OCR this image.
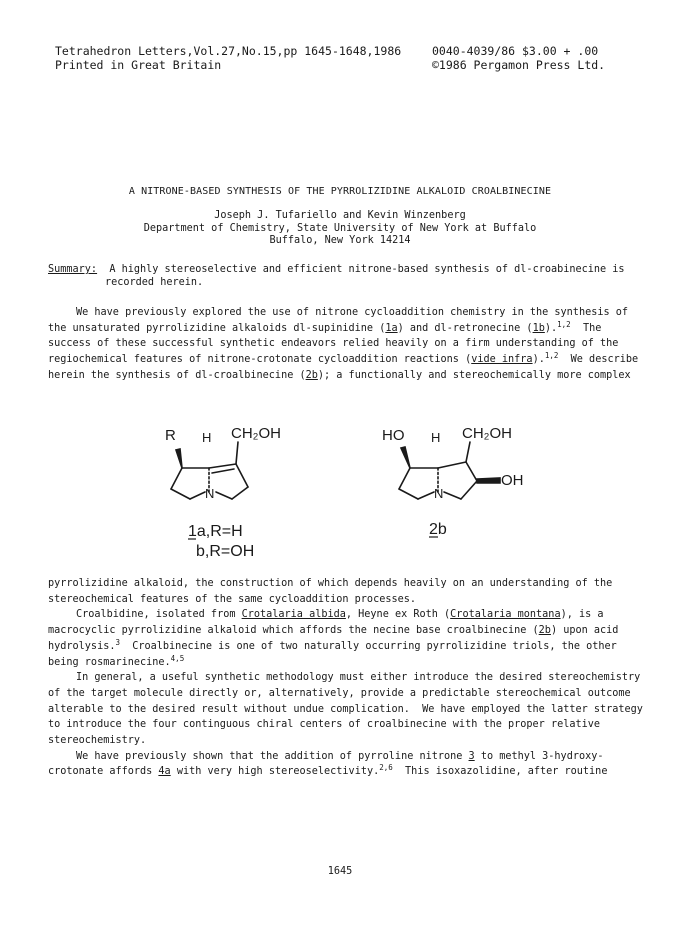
Tetrahedron Letters,Vol.27,No.15,pp 1645-1648,1986
Printed in Great Britain
0040-4039/86 $3.00 + .00
©1986 Pergamon Press Ltd.
A NITRONE-BASED SYNTHESIS OF THE PYRROLIZIDINE ALKALOID CROALBINECINE
Joseph J. Tufariello and Kevin Winzenberg
Department of Chemistry, State University of New York at Buffalo
Buffalo, New York 14214
Summary: A highly stereoselective and efficient nitrone-based synthesis of dl-croabinecine is
recorded herein.
We have previously explored the use of nitrone cycloaddition chemistry in the synthesis of
the unsaturated pyrrolizidine alkaloids dl-supinidine (1a) and dl-retronecine (1b).$^{1,2}$  The
success of these successful synthetic endeavors relied heavily on a firm understanding of the
regiochemical features of nitrone-crotonate cycloaddition reactions (vide infra).$^{1,2}$  We describe
herein the synthesis of dl-croalbinecine (2b); a functionally and stereochemically more complex
R H CH₂OH
N
1a,R=H
b,R=OH
HO H CH₂OH
OH
N
2b
pyrrolizidine alkaloid, the construction of which depends heavily on an understanding of the
stereochemical features of the same cycloaddition processes.
Croalbidine, isolated from Crotalaria albida, Heyne ex Roth (Crotalaria montana), is a
macrocyclic pyrrolizidine alkaloid which affords the necine base croalbinecine (2b) upon acid
hydrolysis.$^3$  Croalbinecine is one of two naturally occurring pyrrolizidine triols, the other
being rosmarinecine.$^{4,5}$
In general, a useful synthetic methodology must either introduce the desired stereochemistry
of the target molecule directly or, alternatively, provide a predictable stereochemical outcome
alterable to the desired result without undue complication.  We have employed the latter strategy
to introduce the four continguous chiral centers of croalbinecine with the proper relative
stereochemistry.
We have previously shown that the addition of pyrroline nitrone 3 to methyl 3-hydroxy-
crotonate affords 4a with very high stereoselectivity.$^{2,6}$  This isoxazolidine, after routine
1645
